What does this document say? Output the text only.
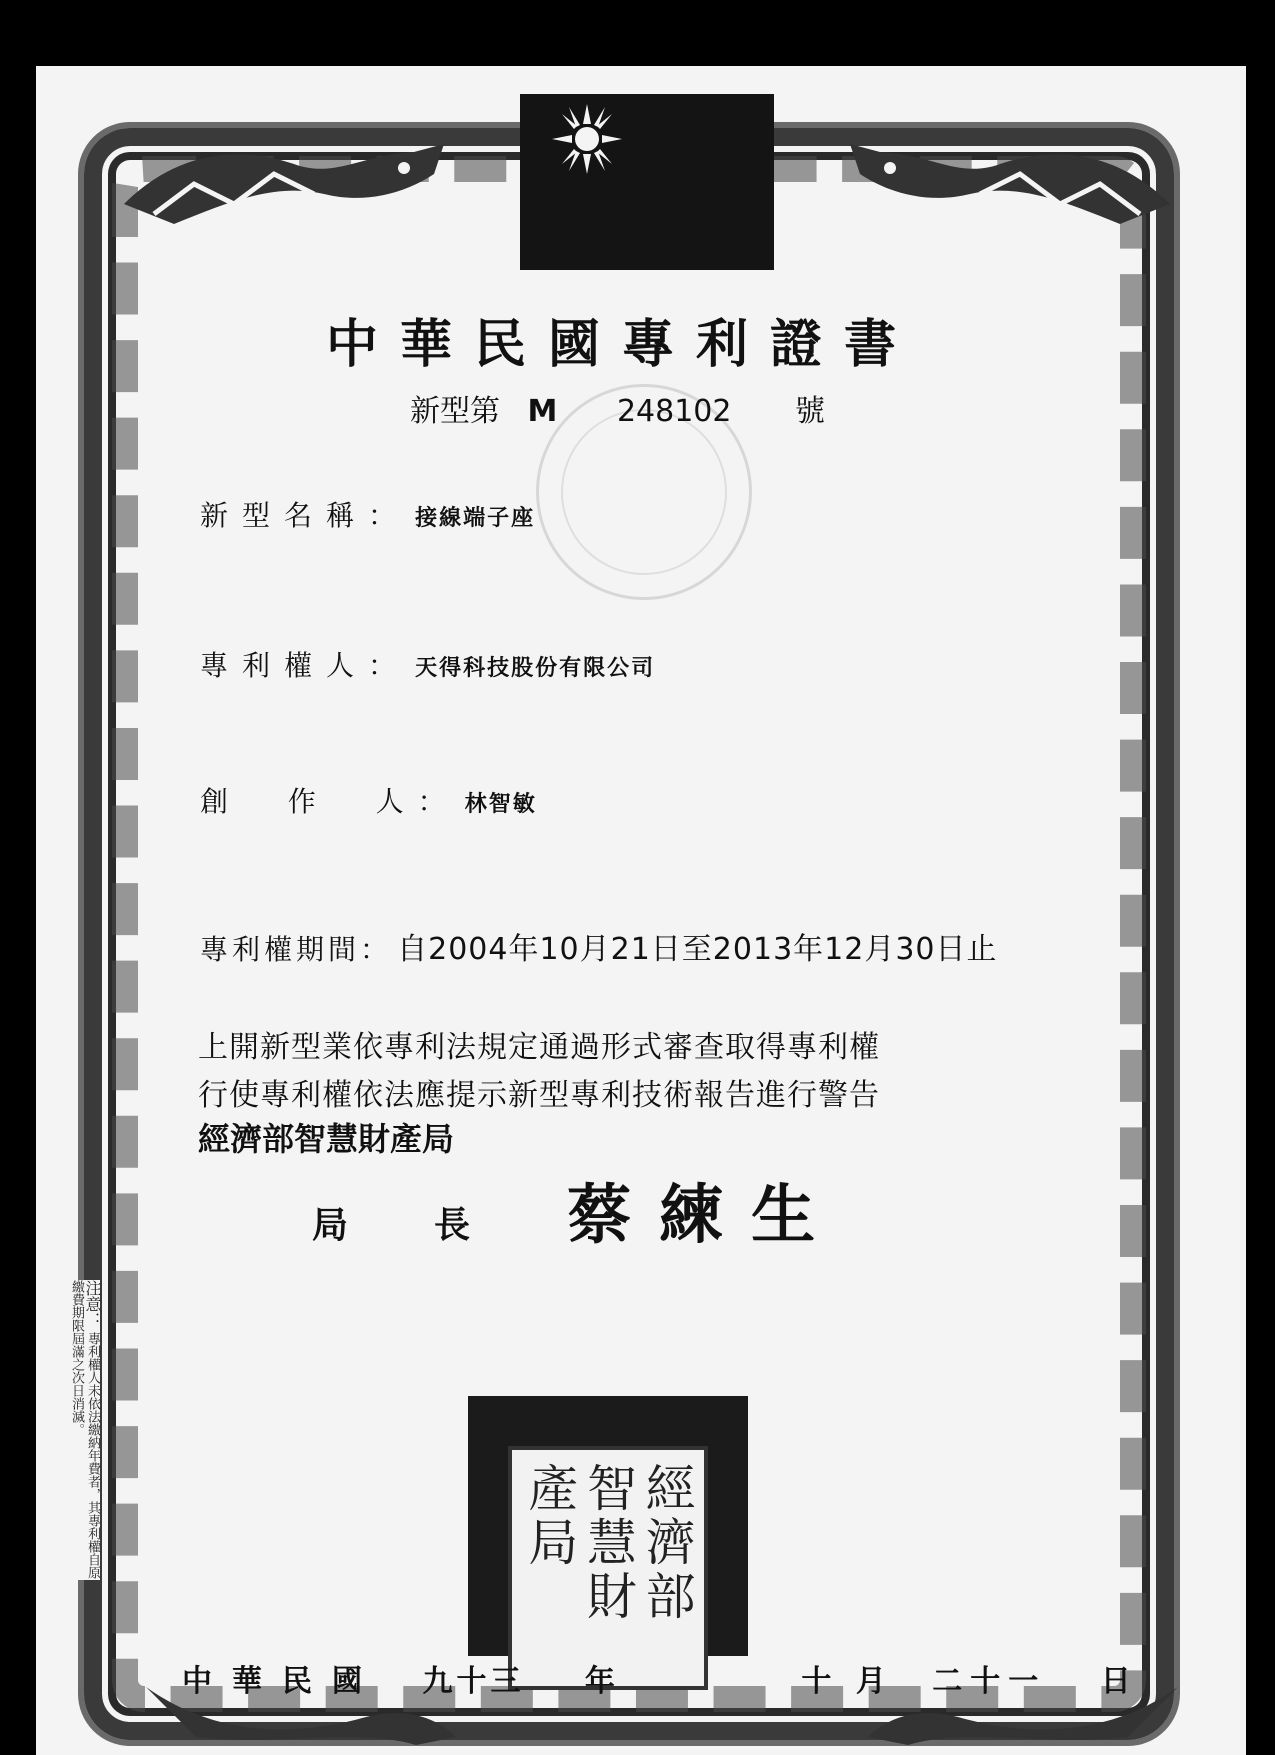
中華民國專利證書
新型第 M 248102 號
新型名稱： 接線端子座
專利權人： 天得科技股份有限公司
創  作  人： 林智敏
專利權期間： 自2004年10月21日至2013年12月30日止
上開新型業依專利法規定通過形式審查取得專利權
行使專利權依法應提示新型專利技術報告進行警告
經濟部智慧財產局
局長 蔡練生
經濟部
智慧財
產局
中華民國 九十三 年	十 月 二十一 日
注意： 專利權人未依法繳納年費者，其專利權自原繳費期限屆滿之次日消滅。
